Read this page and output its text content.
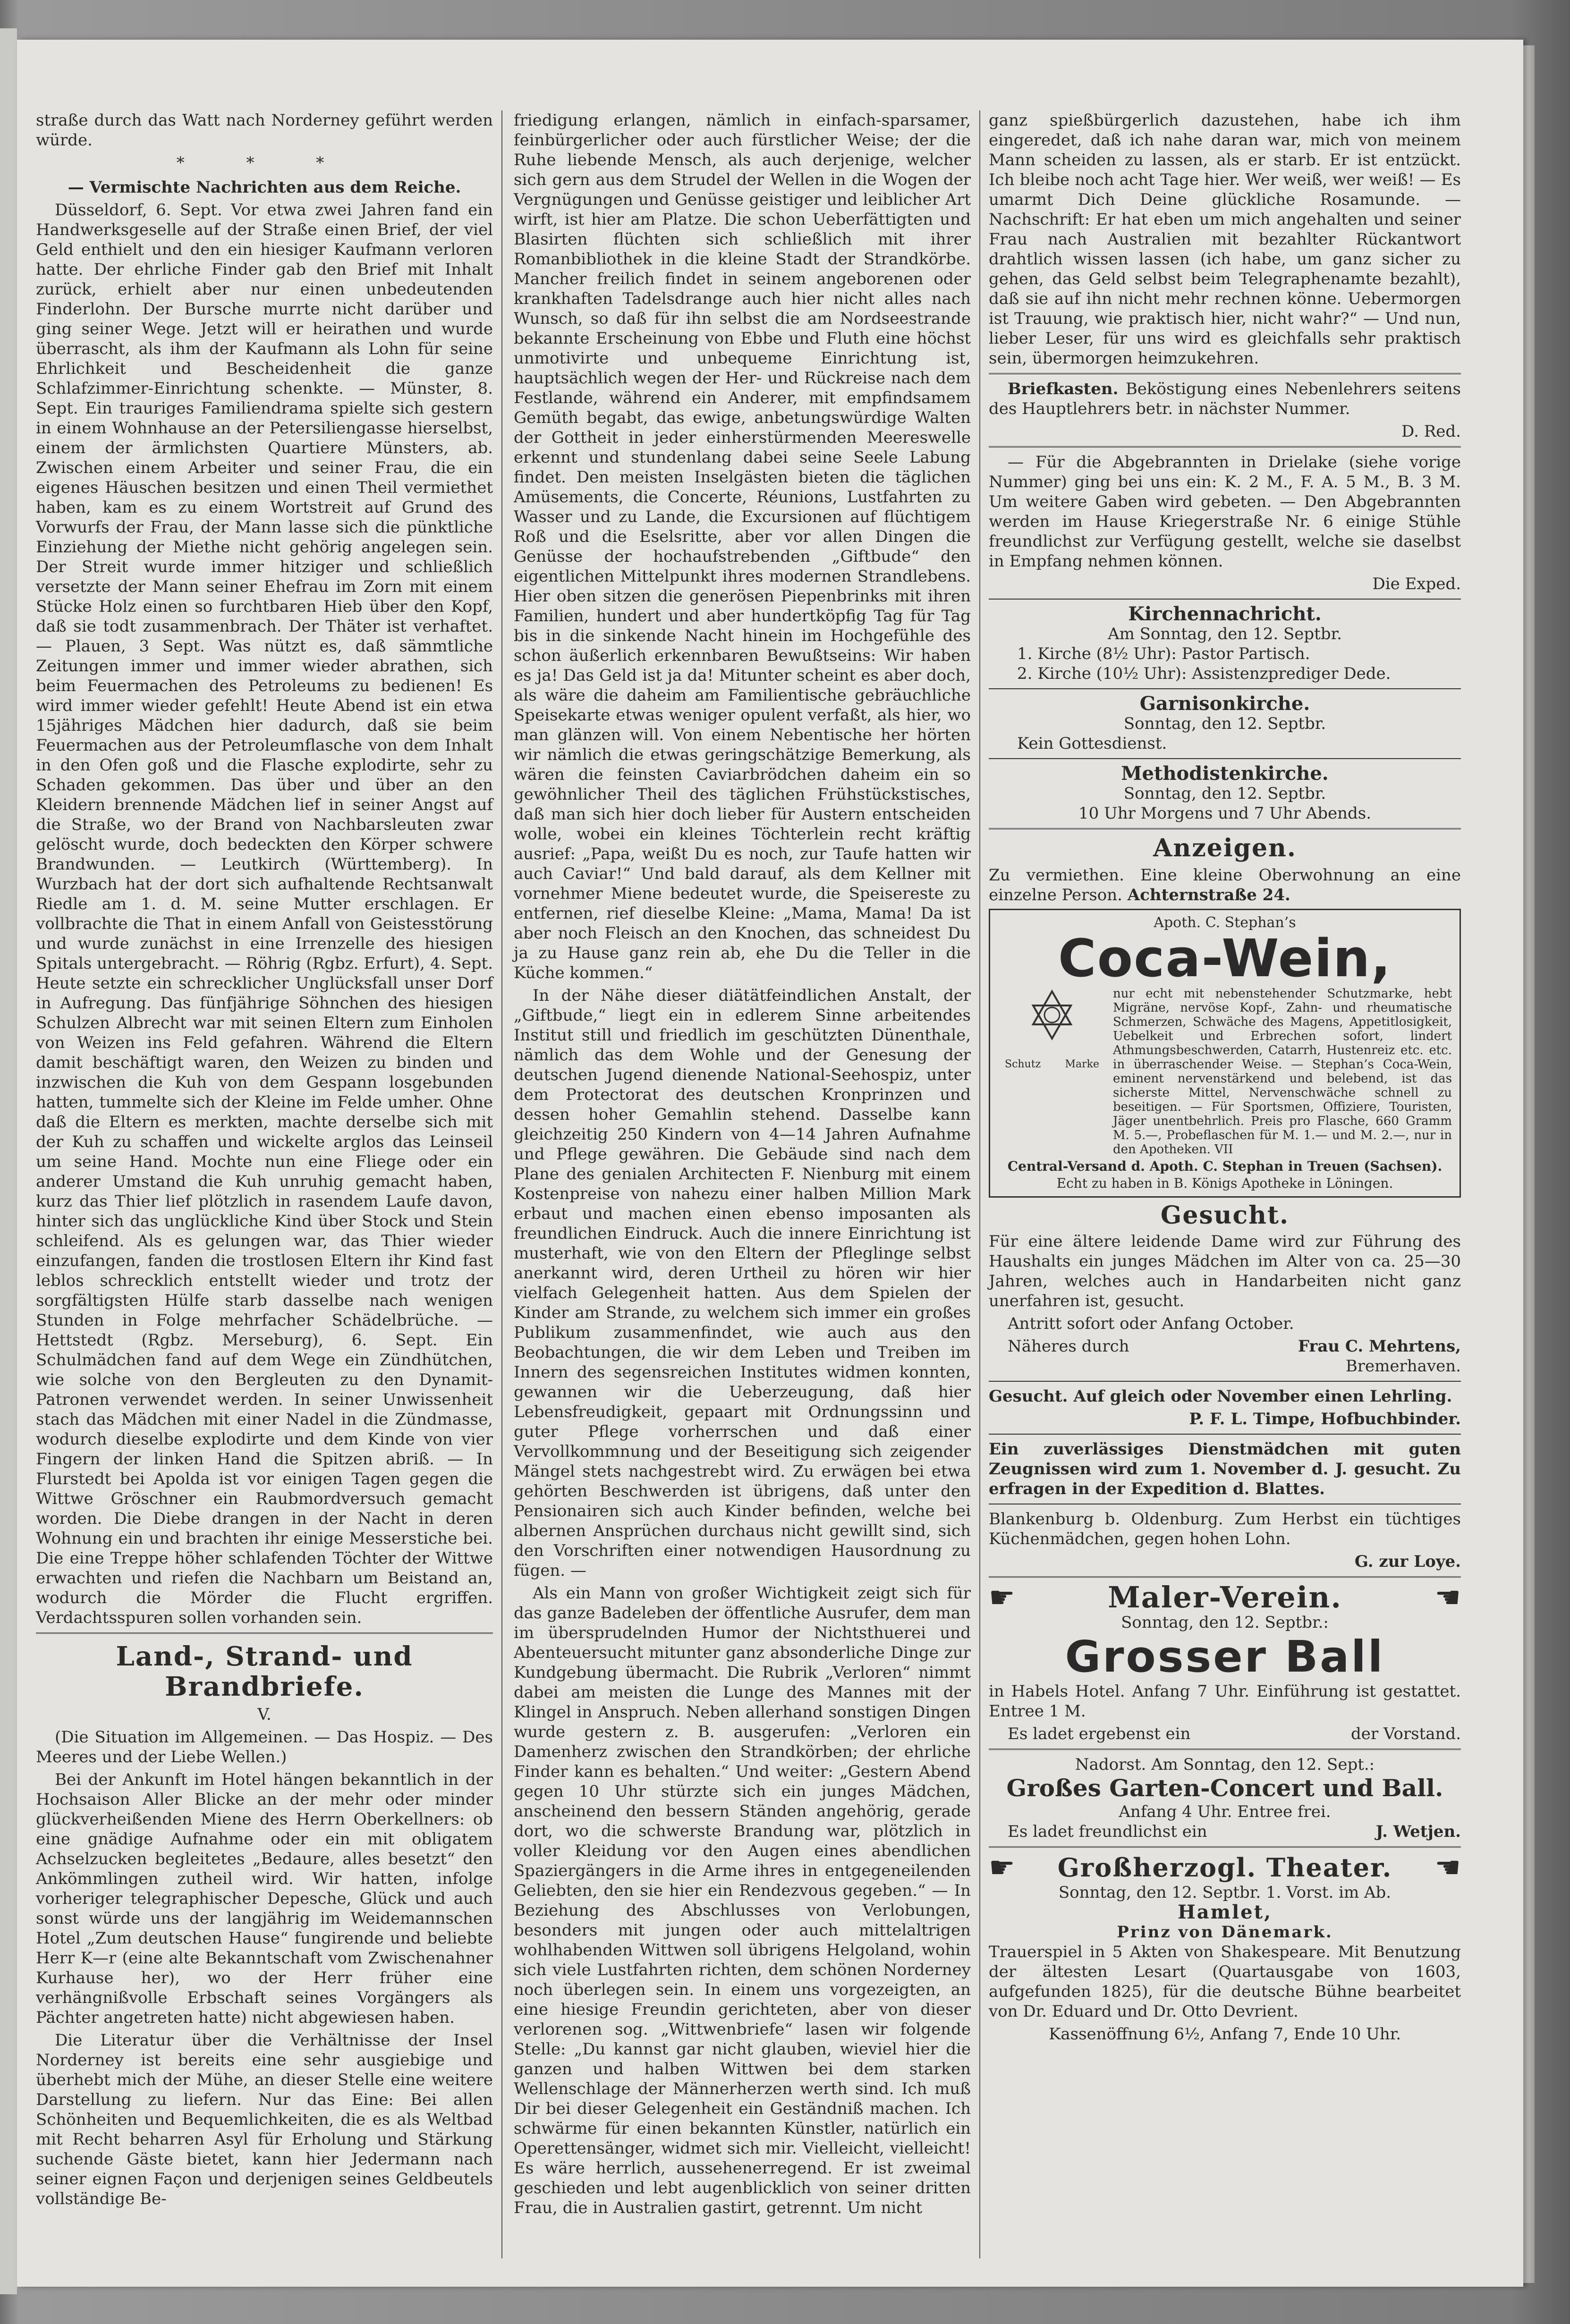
straße durch das Watt nach Norderney geführt werden würde.

* * *

— Vermischte Nachrichten aus dem Reiche.

Düsseldorf, 6. Sept. Vor etwa zwei Jahren fand ein Handwerksgeselle auf der Straße einen Brief, der viel Geld enthielt und den ein hiesiger Kaufmann verloren hatte. Der ehrliche Finder gab den Brief mit Inhalt zurück, erhielt aber nur einen unbedeutenden Finderlohn. Der Bursche murrte nicht darüber und ging seiner Wege. Jetzt will er heirathen und wurde überrascht, als ihm der Kaufmann als Lohn für seine Ehrlichkeit und Bescheidenheit die ganze Schlafzimmer-Einrichtung schenkte. — Münster, 8. Sept. Ein trauriges Familiendrama spielte sich gestern in einem Wohnhause an der Petersiliengasse hierselbst, einem der ärmlichsten Quartiere Münsters, ab. Zwischen einem Arbeiter und seiner Frau, die ein eigenes Häuschen besitzen und einen Theil vermiethet haben, kam es zu einem Wortstreit auf Grund des Vorwurfs der Frau, der Mann lasse sich die pünktliche Einziehung der Miethe nicht gehörig angelegen sein. Der Streit wurde immer hitziger und schließlich versetzte der Mann seiner Ehefrau im Zorn mit einem Stücke Holz einen so furchtbaren Hieb über den Kopf, daß sie todt zusammenbrach. Der Thäter ist verhaftet. — Plauen, 3 Sept. Was nützt es, daß sämmtliche Zeitungen immer und immer wieder abrathen, sich beim Feuermachen des Petroleums zu bedienen! Es wird immer wieder gefehlt! Heute Abend ist ein etwa 15jähriges Mädchen hier dadurch, daß sie beim Feuermachen aus der Petroleumflasche von dem Inhalt in den Ofen goß und die Flasche explodirte, sehr zu Schaden gekommen. Das über und über an den Kleidern brennende Mädchen lief in seiner Angst auf die Straße, wo der Brand von Nachbarsleuten zwar gelöscht wurde, doch bedeckten den Körper schwere Brandwunden. — Leutkirch (Württemberg). In Wurzbach hat der dort sich aufhaltende Rechtsanwalt Riedle am 1. d. M. seine Mutter erschlagen. Er vollbrachte die That in einem Anfall von Geistesstörung und wurde zunächst in eine Irrenzelle des hiesigen Spitals untergebracht. — Röhrig (Rgbz. Erfurt), 4. Sept. Heute setzte ein schrecklicher Unglücksfall unser Dorf in Aufregung. Das fünfjährige Söhnchen des hiesigen Schulzen Albrecht war mit seinen Eltern zum Einholen von Weizen ins Feld gefahren. Während die Eltern damit beschäftigt waren, den Weizen zu binden und inzwischen die Kuh von dem Gespann losgebunden hatten, tummelte sich der Kleine im Felde umher. Ohne daß die Eltern es merkten, machte derselbe sich mit der Kuh zu schaffen und wickelte arglos das Leinseil um seine Hand. Mochte nun eine Fliege oder ein anderer Umstand die Kuh unruhig gemacht haben, kurz das Thier lief plötzlich in rasendem Laufe davon, hinter sich das unglückliche Kind über Stock und Stein schleifend. Als es gelungen war, das Thier wieder einzufangen, fanden die trostlosen Eltern ihr Kind fast leblos schrecklich entstellt wieder und trotz der sorgfältigsten Hülfe starb dasselbe nach wenigen Stunden in Folge mehrfacher Schädelbrüche. — Hettstedt (Rgbz. Merseburg), 6. Sept. Ein Schulmädchen fand auf dem Wege ein Zündhütchen, wie solche von den Bergleuten zu den Dynamit-Patronen verwendet werden. In seiner Unwissenheit stach das Mädchen mit einer Nadel in die Zündmasse, wodurch dieselbe explodirte und dem Kinde von vier Fingern der linken Hand die Spitzen abriß. — In Flurstedt bei Apolda ist vor einigen Tagen gegen die Wittwe Gröschner ein Raubmordversuch gemacht worden. Die Diebe drangen in der Nacht in deren Wohnung ein und brachten ihr einige Messerstiche bei. Die eine Treppe höher schlafenden Töchter der Wittwe erwachten und riefen die Nachbarn um Beistand an, wodurch die Mörder die Flucht ergriffen. Verdachtsspuren sollen vorhanden sein.

Land-, Strand- und Brandbriefe.

V.

(Die Situation im Allgemeinen. — Das Hospiz. — Des Meeres und der Liebe Wellen.)

Bei der Ankunft im Hotel hängen bekanntlich in der Hochsaison Aller Blicke an der mehr oder minder glückverheißenden Miene des Herrn Oberkellners: ob eine gnädige Aufnahme oder ein mit obligatem Achselzucken begleitetes „Bedaure, alles besetzt“ den Ankömmlingen zutheil wird. Wir hatten, infolge vorheriger telegraphischer Depesche, Glück und auch sonst würde uns der langjährig im Weidemannschen Hotel „Zum deutschen Hause“ fungirende und beliebte Herr K—r (eine alte Bekanntschaft vom Zwischenahner Kurhause her), wo der Herr früher eine verhängnißvolle Erbschaft seines Vorgängers als Pächter angetreten hatte) nicht abgewiesen haben.

Die Literatur über die Verhältnisse der Insel Norderney ist bereits eine sehr ausgiebige und überhebt mich der Mühe, an dieser Stelle eine weitere Darstellung zu liefern. Nur das Eine: Bei allen Schönheiten und Bequemlichkeiten, die es als Weltbad mit Recht beharren Asyl für Erholung und Stärkung suchende Gäste bietet, kann hier Jedermann nach seiner eignen Façon und derjenigen seines Geldbeutels vollständige Be-

friedigung erlangen, nämlich in einfach-sparsamer, feinbürgerlicher oder auch fürstlicher Weise; der die Ruhe liebende Mensch, als auch derjenige, welcher sich gern aus dem Strudel der Wellen in die Wogen der Vergnügungen und Genüsse geistiger und leiblicher Art wirft, ist hier am Platze. Die schon Ueberfättigten und Blasirten flüchten sich schließlich mit ihrer Romanbibliothek in die kleine Stadt der Strandkörbe. Mancher freilich findet in seinem angeborenen oder krankhaften Tadelsdrange auch hier nicht alles nach Wunsch, so daß für ihn selbst die am Nordseestrande bekannte Erscheinung von Ebbe und Fluth eine höchst unmotivirte und unbequeme Einrichtung ist, hauptsächlich wegen der Her- und Rückreise nach dem Festlande, während ein Anderer, mit empfindsamem Gemüth begabt, das ewige, anbetungswürdige Walten der Gottheit in jeder einherstürmenden Meereswelle erkennt und stundenlang dabei seine Seele Labung findet. Den meisten Inselgästen bieten die täglichen Amüsements, die Concerte, Réunions, Lustfahrten zu Wasser und zu Lande, die Excursionen auf flüchtigem Roß und die Eselsritte, aber vor allen Dingen die Genüsse der hochaufstrebenden „Giftbude“ den eigentlichen Mittelpunkt ihres modernen Strandlebens. Hier oben sitzen die generösen Piepenbrinks mit ihren Familien, hundert und aber hundertköpfig Tag für Tag bis in die sinkende Nacht hinein im Hochgefühle des schon äußerlich erkennbaren Bewußtseins: Wir haben es ja! Das Geld ist ja da! Mitunter scheint es aber doch, als wäre die daheim am Familientische gebräuchliche Speisekarte etwas weniger opulent verfaßt, als hier, wo man glänzen will. Von einem Nebentische her hörten wir nämlich die etwas geringschätzige Bemerkung, als wären die feinsten Caviarbrödchen daheim ein so gewöhnlicher Theil des täglichen Frühstückstisches, daß man sich hier doch lieber für Austern entscheiden wolle, wobei ein kleines Töchterlein recht kräftig ausrief: „Papa, weißt Du es noch, zur Taufe hatten wir auch Caviar!“ Und bald darauf, als dem Kellner mit vornehmer Miene bedeutet wurde, die Speisereste zu entfernen, rief dieselbe Kleine: „Mama, Mama! Da ist aber noch Fleisch an den Knochen, das schneidest Du ja zu Hause ganz rein ab, ehe Du die Teller in die Küche kommen.“

In der Nähe dieser diätätfeindlichen Anstalt, der „Giftbude,“ liegt ein in edlerem Sinne arbeitendes Institut still und friedlich im geschützten Dünenthale, nämlich das dem Wohle und der Genesung der deutschen Jugend dienende National-Seehospiz, unter dem Protectorat des deutschen Kronprinzen und dessen hoher Gemahlin stehend. Dasselbe kann gleichzeitig 250 Kindern von 4—14 Jahren Aufnahme und Pflege gewähren. Die Gebäude sind nach dem Plane des genialen Architecten F. Nienburg mit einem Kostenpreise von nahezu einer halben Million Mark erbaut und machen einen ebenso imposanten als freundlichen Eindruck. Auch die innere Einrichtung ist musterhaft, wie von den Eltern der Pfleglinge selbst anerkannt wird, deren Urtheil zu hören wir hier vielfach Gelegenheit hatten. Aus dem Spielen der Kinder am Strande, zu welchem sich immer ein großes Publikum zusammenfindet, wie auch aus den Beobachtungen, die wir dem Leben und Treiben im Innern des segensreichen Institutes widmen konnten, gewannen wir die Ueberzeugung, daß hier Lebensfreudigkeit, gepaart mit Ordnungssinn und guter Pflege vorherrschen und daß einer Vervollkommnung und der Beseitigung sich zeigender Mängel stets nachgestrebt wird. Zu erwägen bei etwa gehörten Beschwerden ist übrigens, daß unter den Pensionairen sich auch Kinder befinden, welche bei albernen Ansprüchen durchaus nicht gewillt sind, sich den Vorschriften einer notwendigen Hausordnung zu fügen. —

Als ein Mann von großer Wichtigkeit zeigt sich für das ganze Badeleben der öffentliche Ausrufer, dem man im übersprudelnden Humor der Nichtsthuerei und Abenteuersucht mitunter ganz absonderliche Dinge zur Kundgebung übermacht. Die Rubrik „Verloren“ nimmt dabei am meisten die Lunge des Mannes mit der Klingel in Anspruch. Neben allerhand sonstigen Dingen wurde gestern z. B. ausgerufen: „Verloren ein Damenherz zwischen den Strandkörben; der ehrliche Finder kann es behalten.“ Und weiter: „Gestern Abend gegen 10 Uhr stürzte sich ein junges Mädchen, anscheinend den bessern Ständen angehörig, gerade dort, wo die schwerste Brandung war, plötzlich in voller Kleidung vor den Augen eines abendlichen Spaziergängers in die Arme ihres in entgegeneilenden Geliebten, den sie hier ein Rendezvous gegeben.“ — In Beziehung des Abschlusses von Verlobungen, besonders mit jungen oder auch mittelaltrigen wohlhabenden Wittwen soll übrigens Helgoland, wohin sich viele Lustfahrten richten, dem schönen Norderney noch überlegen sein. In einem uns vorgezeigten, an eine hiesige Freundin gerichteten, aber von dieser verlorenen sog. „Wittwenbriefe“ lasen wir folgende Stelle: „Du kannst gar nicht glauben, wieviel hier die ganzen und halben Wittwen bei dem starken Wellenschlage der Männerherzen werth sind. Ich muß Dir bei dieser Gelegenheit ein Geständniß machen. Ich schwärme für einen bekannten Künstler, natürlich ein Operettensänger, widmet sich mir. Vielleicht, vielleicht! Es wäre herrlich, aussehenerregend. Er ist zweimal geschieden und lebt augenblicklich von seiner dritten Frau, die in Australien gastirt, getrennt. Um nicht

ganz spießbürgerlich dazustehen, habe ich ihm eingeredet, daß ich nahe daran war, mich von meinem Mann scheiden zu lassen, als er starb. Er ist entzückt. Ich bleibe noch acht Tage hier. Wer weiß, wer weiß! — Es umarmt Dich Deine glückliche Rosamunde. — Nachschrift: Er hat eben um mich angehalten und seiner Frau nach Australien mit bezahlter Rückantwort drahtlich wissen lassen (ich habe, um ganz sicher zu gehen, das Geld selbst beim Telegraphenamte bezahlt), daß sie auf ihn nicht mehr rechnen könne. Uebermorgen ist Trauung, wie praktisch hier, nicht wahr?“ — Und nun, lieber Leser, für uns wird es gleichfalls sehr praktisch sein, übermorgen heimzukehren.

Briefkasten. Beköstigung eines Nebenlehrers seitens des Hauptlehrers betr. in nächster Nummer.

D. Red.

— Für die Abgebrannten in Drielake (siehe vorige Nummer) ging bei uns ein: K. 2 M., F. A. 5 M., B. 3 M. Um weitere Gaben wird gebeten. — Den Abgebrannten werden im Hause Kriegerstraße Nr. 6 einige Stühle freundlichst zur Verfügung gestellt, welche sie daselbst in Empfang nehmen können.

Die Exped.
Kirchennachricht.
Am Sonntag, den 12. Septbr.
1. Kirche (8½ Uhr): Pastor Partisch.
2. Kirche (10½ Uhr): Assistenzprediger Dede.
Garnisonkirche.
Sonntag, den 12. Septbr.
Kein Gottesdienst.
Methodistenkirche.
Sonntag, den 12. Septbr.
10 Uhr Morgens und 7 Uhr Abends.
Anzeigen.

Zu vermiethen. Eine kleine Oberwohnung an eine einzelne Person. Achternstraße 24.

Apoth. C. Stephan’s
Coca-Wein,
Schutz Marke
nur echt mit nebenstehender Schutzmarke, hebt Migräne, nervöse Kopf-, Zahn- und rheumatische Schmerzen, Schwäche des Magens, Appetitlosigkeit, Uebelkeit und Erbrechen sofort, lindert Athmungsbeschwerden, Catarrh, Hustenreiz etc. etc. in überraschender Weise. — Stephan’s Coca-Wein, eminent nervenstärkend und belebend, ist das sicherste Mittel, Nervenschwäche schnell zu beseitigen. — Für Sportsmen, Offiziere, Touristen, Jäger unentbehrlich. Preis pro Flasche, 660 Gramm M. 5.—, Probeflaschen für M. 1.— und M. 2.—, nur in den Apotheken. VII
Central-Versand d. Apoth. C. Stephan in Treuen (Sachsen).
Echt zu haben in B. Königs Apotheke in Löningen.
Gesucht.

Für eine ältere leidende Dame wird zur Führung des Haushalts ein junges Mädchen im Alter von ca. 25—30 Jahren, welches auch in Handarbeiten nicht ganz unerfahren ist, gesucht.

Antritt sofort oder Anfang October.

Näheres durch	Frau C. Mehrtens,
Bremerhaven.

Gesucht. Auf gleich oder November einen Lehrling.

P. F. L. Timpe, Hofbuchbinder.

Ein zuverlässiges Dienstmädchen mit guten Zeugnissen wird zum 1. November d. J. gesucht. Zu erfragen in der Expedition d. Blattes.

Blankenburg b. Oldenburg. Zum Herbst ein tüchtiges Küchenmädchen, gegen hohen Lohn.

G. zur Loye.
☛	Maler-Verein.	☚
Sonntag, den 12. Septbr.:
Grosser Ball

in Habels Hotel. Anfang 7 Uhr. Einführung ist gestattet. Entree 1 M.

Es ladet ergebenst ein	der Vorstand.
Nadorst. Am Sonntag, den 12. Sept.:
Großes Garten-Concert und Ball.
Anfang 4 Uhr. Entree frei.
Es ladet freundlichst ein	J. Wetjen.
☛ Großherzogl. Theater. ☚
Sonntag, den 12. Septbr. 1. Vorst. im Ab.
Hamlet,
Prinz von Dänemark.

Trauerspiel in 5 Akten von Shakespeare. Mit Benutzung der ältesten Lesart (Quartausgabe von 1603, aufgefunden 1825), für die deutsche Bühne bearbeitet von Dr. Eduard und Dr. Otto Devrient.

Kassenöffnung 6½, Anfang 7, Ende 10 Uhr.
